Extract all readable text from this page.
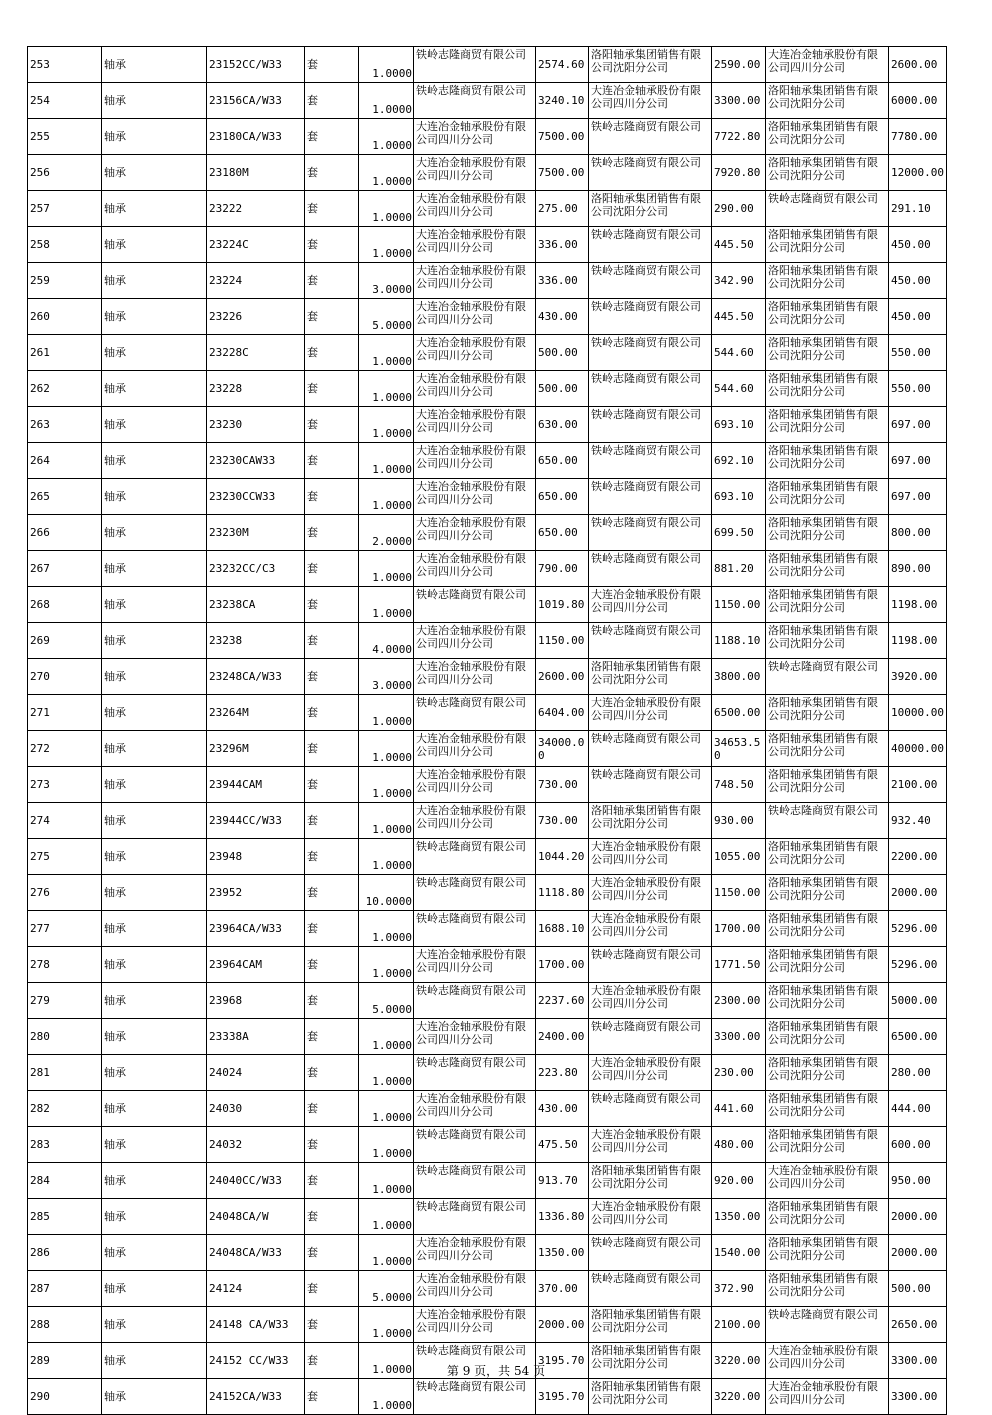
253	轴承	23152CC/W33	套	1.0000	铁岭志隆商贸有限公司	2574.60	洛阳轴承集团销售有限公司沈阳分公司	2590.00	大连冶金轴承股份有限公司四川分公司	2600.00
254	轴承	23156CA/W33	套	1.0000	铁岭志隆商贸有限公司	3240.10	大连冶金轴承股份有限公司四川分公司	3300.00	洛阳轴承集团销售有限公司沈阳分公司	6000.00
255	轴承	23180CA/W33	套	1.0000	大连冶金轴承股份有限公司四川分公司	7500.00	铁岭志隆商贸有限公司	7722.80	洛阳轴承集团销售有限公司沈阳分公司	7780.00
256	轴承	23180M	套	1.0000	大连冶金轴承股份有限公司四川分公司	7500.00	铁岭志隆商贸有限公司	7920.80	洛阳轴承集团销售有限公司沈阳分公司	12000.00
257	轴承	23222	套	1.0000	大连冶金轴承股份有限公司四川分公司	275.00	洛阳轴承集团销售有限公司沈阳分公司	290.00	铁岭志隆商贸有限公司	291.10
258	轴承	23224C	套	1.0000	大连冶金轴承股份有限公司四川分公司	336.00	铁岭志隆商贸有限公司	445.50	洛阳轴承集团销售有限公司沈阳分公司	450.00
259	轴承	23224	套	3.0000	大连冶金轴承股份有限公司四川分公司	336.00	铁岭志隆商贸有限公司	342.90	洛阳轴承集团销售有限公司沈阳分公司	450.00
260	轴承	23226	套	5.0000	大连冶金轴承股份有限公司四川分公司	430.00	铁岭志隆商贸有限公司	445.50	洛阳轴承集团销售有限公司沈阳分公司	450.00
261	轴承	23228C	套	1.0000	大连冶金轴承股份有限公司四川分公司	500.00	铁岭志隆商贸有限公司	544.60	洛阳轴承集团销售有限公司沈阳分公司	550.00
262	轴承	23228	套	1.0000	大连冶金轴承股份有限公司四川分公司	500.00	铁岭志隆商贸有限公司	544.60	洛阳轴承集团销售有限公司沈阳分公司	550.00
263	轴承	23230	套	1.0000	大连冶金轴承股份有限公司四川分公司	630.00	铁岭志隆商贸有限公司	693.10	洛阳轴承集团销售有限公司沈阳分公司	697.00
264	轴承	23230CAW33	套	1.0000	大连冶金轴承股份有限公司四川分公司	650.00	铁岭志隆商贸有限公司	692.10	洛阳轴承集团销售有限公司沈阳分公司	697.00
265	轴承	23230CCW33	套	1.0000	大连冶金轴承股份有限公司四川分公司	650.00	铁岭志隆商贸有限公司	693.10	洛阳轴承集团销售有限公司沈阳分公司	697.00
266	轴承	23230M	套	2.0000	大连冶金轴承股份有限公司四川分公司	650.00	铁岭志隆商贸有限公司	699.50	洛阳轴承集团销售有限公司沈阳分公司	800.00
267	轴承	23232CC/C3	套	1.0000	大连冶金轴承股份有限公司四川分公司	790.00	铁岭志隆商贸有限公司	881.20	洛阳轴承集团销售有限公司沈阳分公司	890.00
268	轴承	23238CA	套	1.0000	铁岭志隆商贸有限公司	1019.80	大连冶金轴承股份有限公司四川分公司	1150.00	洛阳轴承集团销售有限公司沈阳分公司	1198.00
269	轴承	23238	套	4.0000	大连冶金轴承股份有限公司四川分公司	1150.00	铁岭志隆商贸有限公司	1188.10	洛阳轴承集团销售有限公司沈阳分公司	1198.00
270	轴承	23248CA/W33	套	3.0000	大连冶金轴承股份有限公司四川分公司	2600.00	洛阳轴承集团销售有限公司沈阳分公司	3800.00	铁岭志隆商贸有限公司	3920.00
271	轴承	23264M	套	1.0000	铁岭志隆商贸有限公司	6404.00	大连冶金轴承股份有限公司四川分公司	6500.00	洛阳轴承集团销售有限公司沈阳分公司	10000.00
272	轴承	23296M	套	1.0000	大连冶金轴承股份有限公司四川分公司	34000.00	铁岭志隆商贸有限公司	34653.50	洛阳轴承集团销售有限公司沈阳分公司	40000.00
273	轴承	23944CAM	套	1.0000	大连冶金轴承股份有限公司四川分公司	730.00	铁岭志隆商贸有限公司	748.50	洛阳轴承集团销售有限公司沈阳分公司	2100.00
274	轴承	23944CC/W33	套	1.0000	大连冶金轴承股份有限公司四川分公司	730.00	洛阳轴承集团销售有限公司沈阳分公司	930.00	铁岭志隆商贸有限公司	932.40
275	轴承	23948	套	1.0000	铁岭志隆商贸有限公司	1044.20	大连冶金轴承股份有限公司四川分公司	1055.00	洛阳轴承集团销售有限公司沈阳分公司	2200.00
276	轴承	23952	套	10.0000	铁岭志隆商贸有限公司	1118.80	大连冶金轴承股份有限公司四川分公司	1150.00	洛阳轴承集团销售有限公司沈阳分公司	2000.00
277	轴承	23964CA/W33	套	1.0000	铁岭志隆商贸有限公司	1688.10	大连冶金轴承股份有限公司四川分公司	1700.00	洛阳轴承集团销售有限公司沈阳分公司	5296.00
278	轴承	23964CAM	套	1.0000	大连冶金轴承股份有限公司四川分公司	1700.00	铁岭志隆商贸有限公司	1771.50	洛阳轴承集团销售有限公司沈阳分公司	5296.00
279	轴承	23968	套	5.0000	铁岭志隆商贸有限公司	2237.60	大连冶金轴承股份有限公司四川分公司	2300.00	洛阳轴承集团销售有限公司沈阳分公司	5000.00
280	轴承	23338A	套	1.0000	大连冶金轴承股份有限公司四川分公司	2400.00	铁岭志隆商贸有限公司	3300.00	洛阳轴承集团销售有限公司沈阳分公司	6500.00
281	轴承	24024	套	1.0000	铁岭志隆商贸有限公司	223.80	大连冶金轴承股份有限公司四川分公司	230.00	洛阳轴承集团销售有限公司沈阳分公司	280.00
282	轴承	24030	套	1.0000	大连冶金轴承股份有限公司四川分公司	430.00	铁岭志隆商贸有限公司	441.60	洛阳轴承集团销售有限公司沈阳分公司	444.00
283	轴承	24032	套	1.0000	铁岭志隆商贸有限公司	475.50	大连冶金轴承股份有限公司四川分公司	480.00	洛阳轴承集团销售有限公司沈阳分公司	600.00
284	轴承	24040CC/W33	套	1.0000	铁岭志隆商贸有限公司	913.70	洛阳轴承集团销售有限公司沈阳分公司	920.00	大连冶金轴承股份有限公司四川分公司	950.00
285	轴承	24048CA/W	套	1.0000	铁岭志隆商贸有限公司	1336.80	大连冶金轴承股份有限公司四川分公司	1350.00	洛阳轴承集团销售有限公司沈阳分公司	2000.00
286	轴承	24048CA/W33	套	1.0000	大连冶金轴承股份有限公司四川分公司	1350.00	铁岭志隆商贸有限公司	1540.00	洛阳轴承集团销售有限公司沈阳分公司	2000.00
287	轴承	24124	套	5.0000	大连冶金轴承股份有限公司四川分公司	370.00	铁岭志隆商贸有限公司	372.90	洛阳轴承集团销售有限公司沈阳分公司	500.00
288	轴承	24148 CA/W33	套	1.0000	大连冶金轴承股份有限公司四川分公司	2000.00	洛阳轴承集团销售有限公司沈阳分公司	2100.00	铁岭志隆商贸有限公司	2650.00
289	轴承	24152 CC/W33	套	1.0000	铁岭志隆商贸有限公司	3195.70	洛阳轴承集团销售有限公司沈阳分公司	3220.00	大连冶金轴承股份有限公司四川分公司	3300.00
290	轴承	24152CA/W33	套	1.0000	铁岭志隆商贸有限公司	3195.70	洛阳轴承集团销售有限公司沈阳分公司	3220.00	大连冶金轴承股份有限公司四川分公司	3300.00
第 9 页，共 54 页
